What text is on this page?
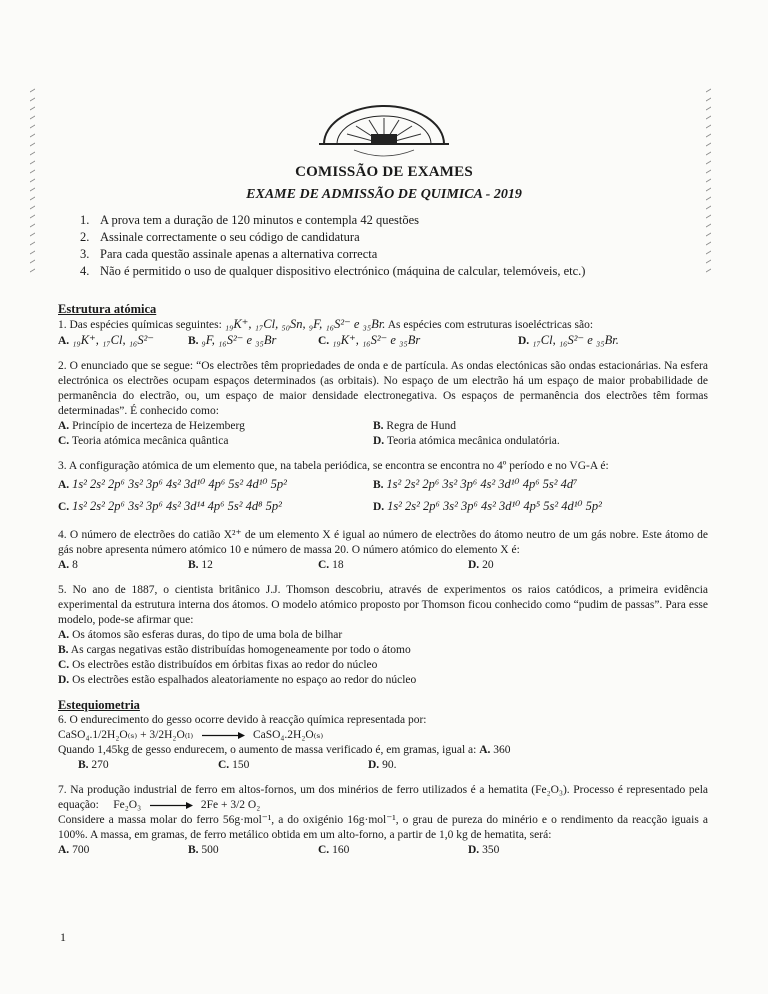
COMISSÃO DE EXAMES
EXAME DE ADMISSÃO DE QUIMICA - 2019
1. A prova tem a duração de 120 minutos e contempla 42 questões
2. Assinale correctamente o seu código de candidatura
3. Para cada questão assinale apenas a alternativa correcta
4. Não é permitido o uso de qualquer dispositivo electrónico (máquina de calcular, telemóveis, etc.)
Estrutura atómica

1. Das espécies químicas seguintes: ₁₉K⁺, ₁₇Cl, ₅₀Sn, ₉F, ₁₆S²⁻ e ₃₅Br. As espécies com estruturas isoeléctricas são:

A. ₁₉K⁺, ₁₇Cl, ₁₆S²⁻	B. ₉F, ₁₆S²⁻ e ₃₅Br	C. ₁₉K⁺, ₁₆S²⁻ e ₃₅Br	D. ₁₇Cl, ₁₆S²⁻ e ₃₅Br.

2. O enunciado que se segue: “Os electrões têm propriedades de onda e de partícula. As ondas electónicas são ondas estacionárias. Na esfera electrónica os electrões ocupam espaços determinados (as orbitais). No espaço de um electrão há um espaço de maior probabilidade de permanência do electrão, ou, um espaço de maior densidade electronegativa. Os espaços de permanência dos electrões têm formas determinadas”. É conhecido como:

A. Princípio de incerteza de Heizemberg	B. Regra de Hund
C. Teoria atómica mecânica quântica	D. Teoria atómica mecânica ondulatória.

3. A configuração atómica de um elemento que, na tabela periódica, se encontra se encontra no 4º período e no VG-A é:

A. 1s² 2s² 2p⁶ 3s² 3p⁶ 4s² 3d¹⁰ 4p⁶ 5s² 4d¹⁰ 5p²	B. 1s² 2s² 2p⁶ 3s² 3p⁶ 4s² 3d¹⁰ 4p⁶ 5s² 4d⁷
C. 1s² 2s² 2p⁶ 3s² 3p⁶ 4s² 3d¹⁴ 4p⁶ 5s² 4d⁸ 5p²	D. 1s² 2s² 2p⁶ 3s² 3p⁶ 4s² 3d¹⁰ 4p⁵ 5s² 4d¹⁰ 5p²

4. O número de electrões do catião X²⁺ de um elemento X é igual ao número de electrões do átomo neutro de um gás nobre. Este átomo de gás nobre apresenta número atómico 10 e número de massa 20. O número atómico do elemento X é:

A. 8	B. 12	C. 18	D. 20

5. No ano de 1887, o cientista britânico J.J. Thomson descobriu, através de experimentos os raios catódicos, a primeira evidência experimental da estrutura interna dos átomos. O modelo atómico proposto por Thomson ficou conhecido como “pudim de passas”. Para esse modelo, pode-se afirmar que:

A. Os átomos são esferas duras, do tipo de uma bola de bilhar
B. As cargas negativas estão distribuídas homogeneamente por todo o átomo
C. Os electrões estão distribuídos em órbitas fixas ao redor do núcleo
D. Os electrões estão espalhados aleatoriamente no espaço ao redor do núcleo
Estequiometria

6. O endurecimento do gesso ocorre devido à reacção química representada por:

CaSO₄.1/2H₂O₍ₛ₎ + 3/2H₂O₍ₗ₎ → CaSO₄.2H₂O₍ₛ₎
Quando 1,45kg de gesso endurecem, o aumento de massa verificado é, em gramas, igual a: A. 360
B. 270	C. 150	D. 90.

7. Na produção industrial de ferro em altos-fornos, um dos minérios de ferro utilizados é a hematita (Fe₂O₃). Processo é representado pela equação: Fe₂O₃ → 2Fe + 3/2 O₂

Considere a massa molar do ferro 56g·mol⁻¹, a do oxigénio 16g·mol⁻¹, o grau de pureza do minério e o rendimento da reacção iguais a 100%. A massa, em gramas, de ferro metálico obtida em um alto-forno, a partir de 1,0 kg de hematita, será:

A. 700	B. 500	C. 160	D. 350
1
